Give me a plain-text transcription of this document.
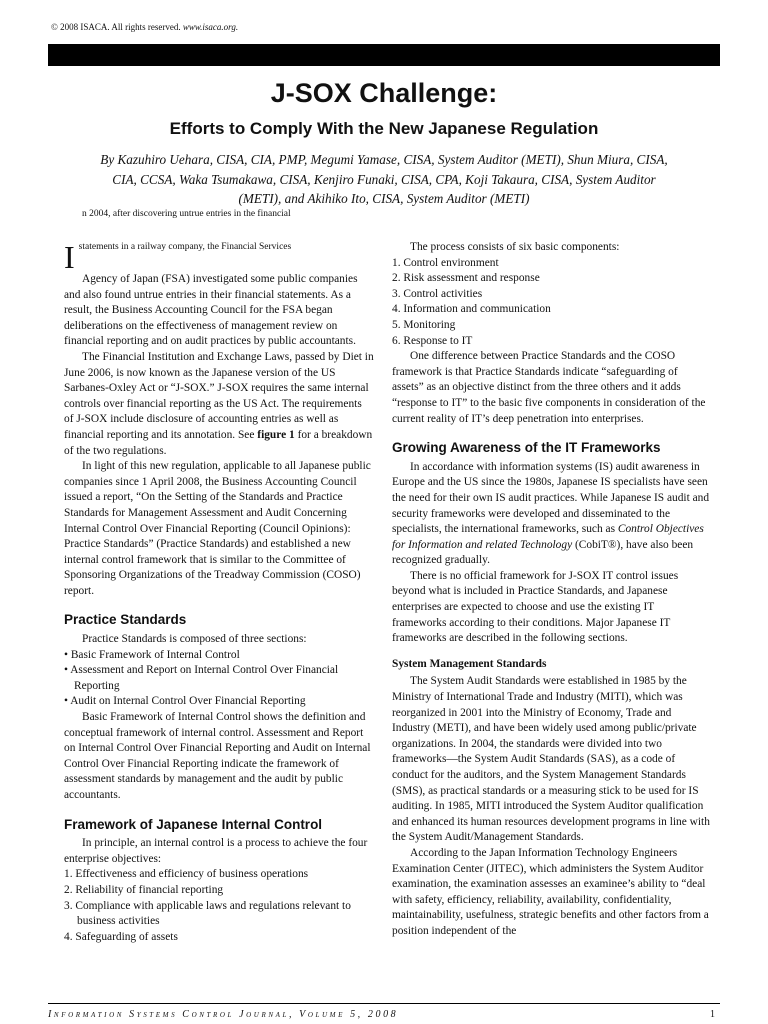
© 2008 ISACA. All rights reserved. www.isaca.org.
J-SOX Challenge:
Efforts to Comply With the New Japanese Regulation
By Kazuhiro Uehara, CISA, CIA, PMP, Megumi Yamase, CISA, System Auditor (METI), Shun Miura, CISA, CIA, CCSA, Waka Tsumakawa, CISA, Kenjiro Funaki, CISA, CPA, Koji Takaura, CISA, System Auditor (METI), and Akihiko Ito, CISA, System Auditor (METI)
n 2004, after discovering untrue entries in the financial
I statements in a railway company, the Financial Services

Agency of Japan (FSA) investigated some public companies and also found untrue entries in their financial statements. As a result, the Business Accounting Council for the FSA began deliberations on the effectiveness of management review on financial reporting and on audit practices by public accountants.

The Financial Institution and Exchange Laws, passed by Diet in June 2006, is now known as the Japanese version of the US Sarbanes-Oxley Act or “J-SOX.” J-SOX requires the same internal controls over financial reporting as the US Act. The requirements of J-SOX include disclosure of accounting entries as well as financial reporting and its annotation. See figure 1 for a breakdown of the two regulations.

In light of this new regulation, applicable to all Japanese public companies since 1 April 2008, the Business Accounting Council issued a report, “On the Setting of the Standards and Practice Standards for Management Assessment and Audit Concerning Internal Control Over Financial Reporting (Council Opinions): Practice Standards” (Practice Standards) and established a new internal control framework that is similar to the Committee of Sponsoring Organizations of the Treadway Commission (COSO) report.

Practice Standards

Practice Standards is composed of three sections:

• Basic Framework of Internal Control
• Assessment and Report on Internal Control Over Financial Reporting
• Audit on Internal Control Over Financial Reporting

Basic Framework of Internal Control shows the definition and conceptual framework of internal control. Assessment and Report on Internal Control Over Financial Reporting and Audit on Internal Control Over Financial Reporting indicate the framework of assessment standards by management and the audit by public accountants.

Framework of Japanese Internal Control

In principle, an internal control is a process to achieve the four enterprise objectives:

1. Effectiveness and efficiency of business operations
2. Reliability of financial reporting
3. Compliance with applicable laws and regulations relevant to business activities
4. Safeguarding of assets

The process consists of six basic components:

1. Control environment
2. Risk assessment and response
3. Control activities
4. Information and communication
5. Monitoring
6. Response to IT

One difference between Practice Standards and the COSO framework is that Practice Standards indicate “safeguarding of assets” as an objective distinct from the three others and it adds “response to IT” to the basic five components in consideration of the current reality of IT’s deep penetration into enterprises.

Growing Awareness of the IT Frameworks

In accordance with information systems (IS) audit awareness in Europe and the US since the 1980s, Japanese IS specialists have seen the need for their own IS audit practices. While Japanese IS audit and security frameworks were developed and disseminated to the specialists, the international frameworks, such as Control Objectives for Information and related Technology (CobiT®), have also been recognized gradually.

There is no official framework for J-SOX IT control issues beyond what is included in Practice Standards, and Japanese enterprises are expected to choose and use the existing IT frameworks according to their conditions. Major Japanese IT frameworks are described in the following sections.

System Management Standards

The System Audit Standards were established in 1985 by the Ministry of International Trade and Industry (MITI), which was reorganized in 2001 into the Ministry of Economy, Trade and Industry (METI), and have been widely used among public/private organizations. In 2004, the standards were divided into two frameworks—the System Audit Standards (SAS), as a code of conduct for the auditors, and the System Management Standards (SMS), as practical standards or a measuring stick to be used for IS auditing. In 1985, MITI introduced the System Auditor qualification and enhanced its human resources development programs in line with the System Audit/Management Standards.

According to the Japan Information Technology Engineers Examination Center (JITEC), which administers the System Auditor examination, the examination assesses an examinee’s ability to “deal with safety, efficiency, reliability, availability, confidentiality, maintainability, usefulness, strategic benefits and other factors from a position independent of the

Information Systems Control Journal, Volume 5, 2008	1
